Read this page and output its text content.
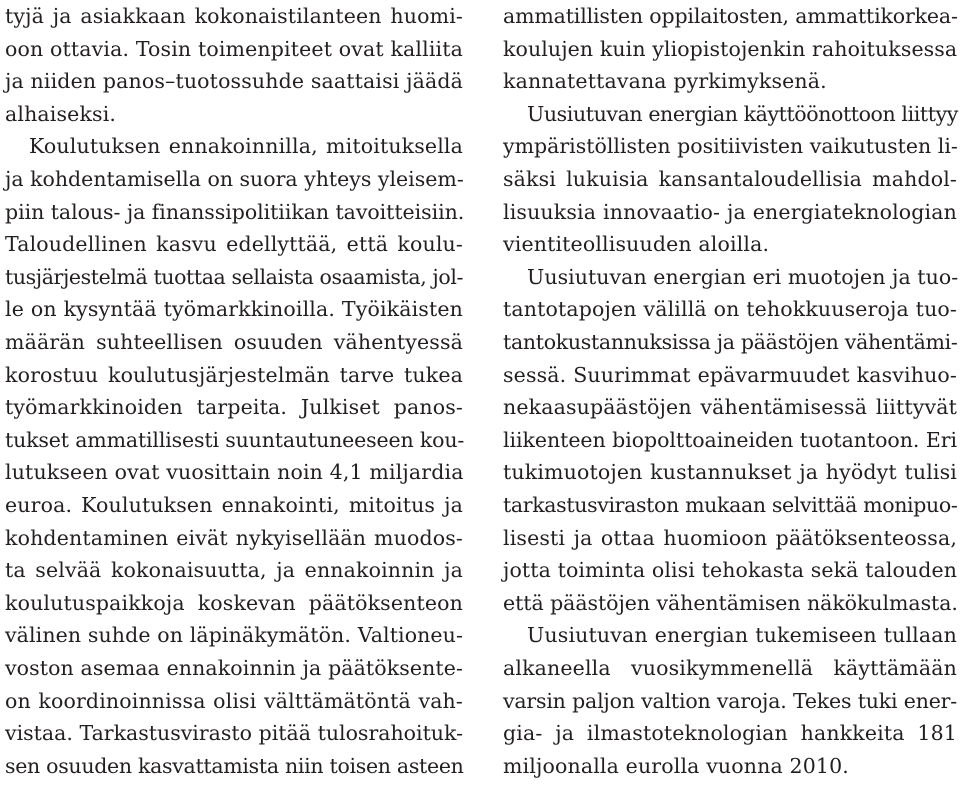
tyjä ja asiakkaan kokonaistilanteen huomi-
oon ottavia. Tosin toimenpiteet ovat kalliita
ja niiden panos–tuotossuhde saattaisi jäädä
alhaiseksi.
Koulutuksen ennakoinnilla, mitoituksella
ja kohdentamisella on suora yhteys yleisem-
piin talous- ja finanssipolitiikan tavoitteisiin.
Taloudellinen kasvu edellyttää, että koulu-
tusjärjestelmä tuottaa sellaista osaamista, jol-
le on kysyntää työmarkkinoilla. Työikäisten
määrän suhteellisen osuuden vähentyessä
korostuu koulutusjärjestelmän tarve tukea
työmarkkinoiden tarpeita. Julkiset panos-
tukset ammatillisesti suuntautuneeseen kou-
lutukseen ovat vuosittain noin 4,1 miljardia
euroa. Koulutuksen ennakointi, mitoitus ja
kohdentaminen eivät nykyisellään muodos-
ta selvää kokonaisuutta, ja ennakoinnin ja
koulutuspaikkoja koskevan päätöksenteon
välinen suhde on läpinäkymätön. Valtioneu-
voston asemaa ennakoinnin ja päätöksente-
on koordinoinnissa olisi välttämätöntä vah-
vistaa. Tarkastusvirasto pitää tulosrahoituk-
sen osuuden kasvattamista niin toisen asteen
ammatillisten oppilaitosten, ammattikorkea-
koulujen kuin yliopistojenkin rahoituksessa
kannatettavana pyrkimyksenä.
Uusiutuvan energian käyttöönottoon liittyy
ympäristöllisten positiivisten vaikutusten li-
säksi lukuisia kansantaloudellisia mahdol-
lisuuksia innovaatio- ja energiateknologian
vientiteollisuuden aloilla.
Uusiutuvan energian eri muotojen ja tuo-
tantotapojen välillä on tehokkuuseroja tuo-
tantokustannuksissa ja päästöjen vähentämi-
sessä. Suurimmat epävarmuudet kasvihuo-
nekaasupäästöjen vähentämisessä liittyvät
liikenteen biopolttoaineiden tuotantoon. Eri
tukimuotojen kustannukset ja hyödyt tulisi
tarkastusviraston mukaan selvittää monipuo-
lisesti ja ottaa huomioon päätöksenteossa,
jotta toiminta olisi tehokasta sekä talouden
että päästöjen vähentämisen näkökulmasta.
Uusiutuvan energian tukemiseen tullaan
alkaneella vuosikymmenellä käyttämään
varsin paljon valtion varoja. Tekes tuki ener-
gia- ja ilmastoteknologian hankkeita 181
miljoonalla eurolla vuonna 2010.
